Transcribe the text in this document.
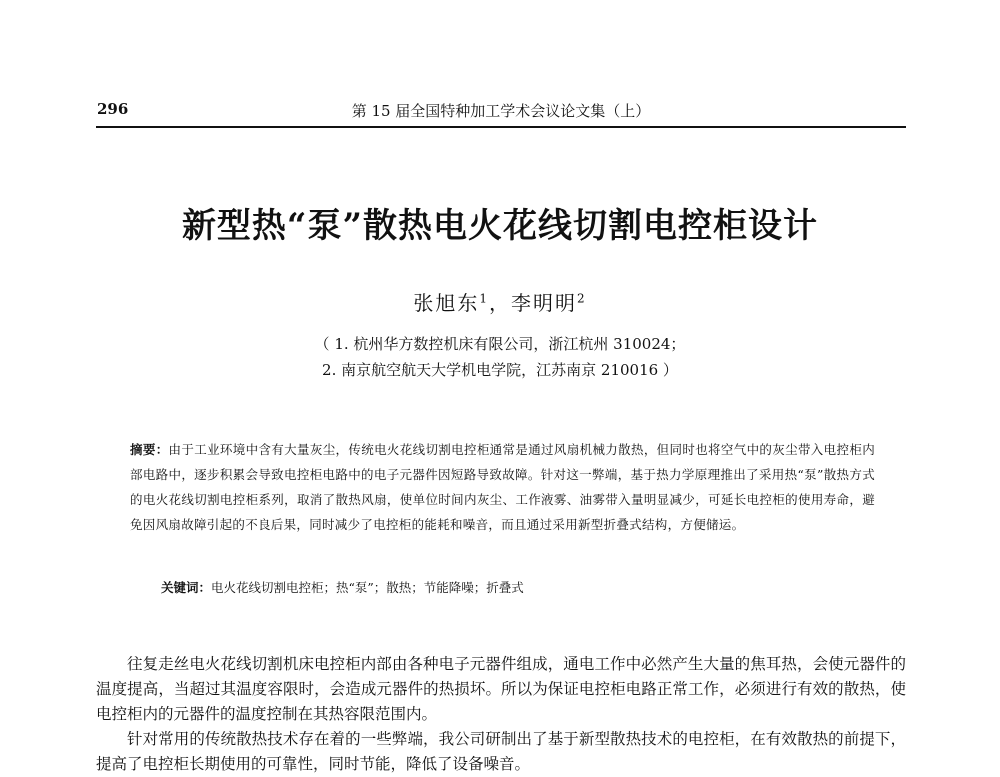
296	第 15 届全国特种加工学术会议论文集（上）
新型热“泵”散热电火花线切割电控柜设计
张旭东$^1$，李明明$^2$
（ 1. 杭州华方数控机床有限公司，浙江杭州 310024；
2. 南京航空航天大学机电学院，江苏南京 210016 ）
摘要：由于工业环境中含有大量灰尘，传统电火花线切割电控柜通常是通过风扇机械力散热，但同时也将空气中的灰尘带入电控柜内部电路中，逐步积累会导致电控柜电路中的电子元器件因短路导致故障。针对这一弊端，基于热力学原理推出了采用热“泵”散热方式的电火花线切割电控柜系列，取消了散热风扇，使单位时间内灰尘、工作液雾、油雾带入量明显减少，可延长电控柜的使用寿命，避免因风扇故障引起的不良后果，同时减少了电控柜的能耗和噪音，而且通过采用新型折叠式结构，方便储运。
关键词：电火花线切割电控柜；热“泵”；散热；节能降噪；折叠式

往复走丝电火花线切割机床电控柜内部由各种电子元器件组成，通电工作中必然产生大量的焦耳热，会使元器件的温度提高，当超过其温度容限时，会造成元器件的热损坏。所以为保证电控柜电路正常工作，必须进行有效的散热，使电控柜内的元器件的温度控制在其热容限范围内。

针对常用的传统散热技术存在着的一些弊端，我公司研制出了基于新型散热技术的电控柜，在有效散热的前提下，提高了电控柜长期使用的可靠性，同时节能，降低了设备噪音。
